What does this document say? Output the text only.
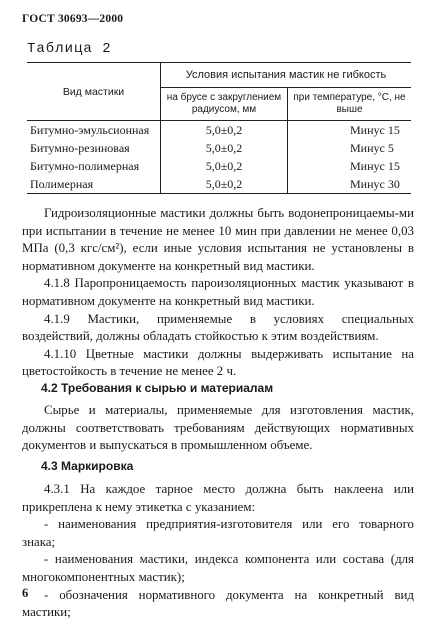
ГОСТ 30693—2000
Таблица 2
Вид мастики	Условия испытания мастик не гибкость	
	на брусе с закруглением радиусом, мм	при температуре, °C, не выше
Битумно-эмульсионная	5,0±0,2	Минус 15
Битумно-резиновая	5,0±0,2	Минус 5
Битумно-полимерная	5,0±0,2	Минус 15
Полимерная	5,0±0,2	Минус 30

Гидроизоляционные мастики должны быть водонепроницаемы-ми при испытании в течение не менее 10 мин при давлении не менее 0,03 МПа (0,3 кгс/см²), если иные условия испытания не установлены в нормативном документе на конкретный вид мастики.

4.1.8 Паропроницаемость пароизоляционных мастик указывают в нормативном документе на конкретный вид мастики.

4.1.9 Мастики, применяемые в условиях специальных воздействий, должны обладать стойкостью к этим воздействиям.

4.1.10 Цветные мастики должны выдерживать испытание на цветостойкость в течение не менее 2 ч.

4.2 Требования к сырью и материалам

Сырье и материалы, применяемые для изготовления мастик, должны соответствовать требованиям действующих нормативных документов и выпускаться в промышленном объеме.

4.3 Маркировка

4.3.1 На каждое тарное место должна быть наклеена или прикреплена к нему этикетка с указанием:

- наименования предприятия-изготовителя или его товарного знака;

- наименования мастики, индекса компонента или состава (для многокомпонентных мастик);

- обозначения нормативного документа на конкретный вид мастики;

6
